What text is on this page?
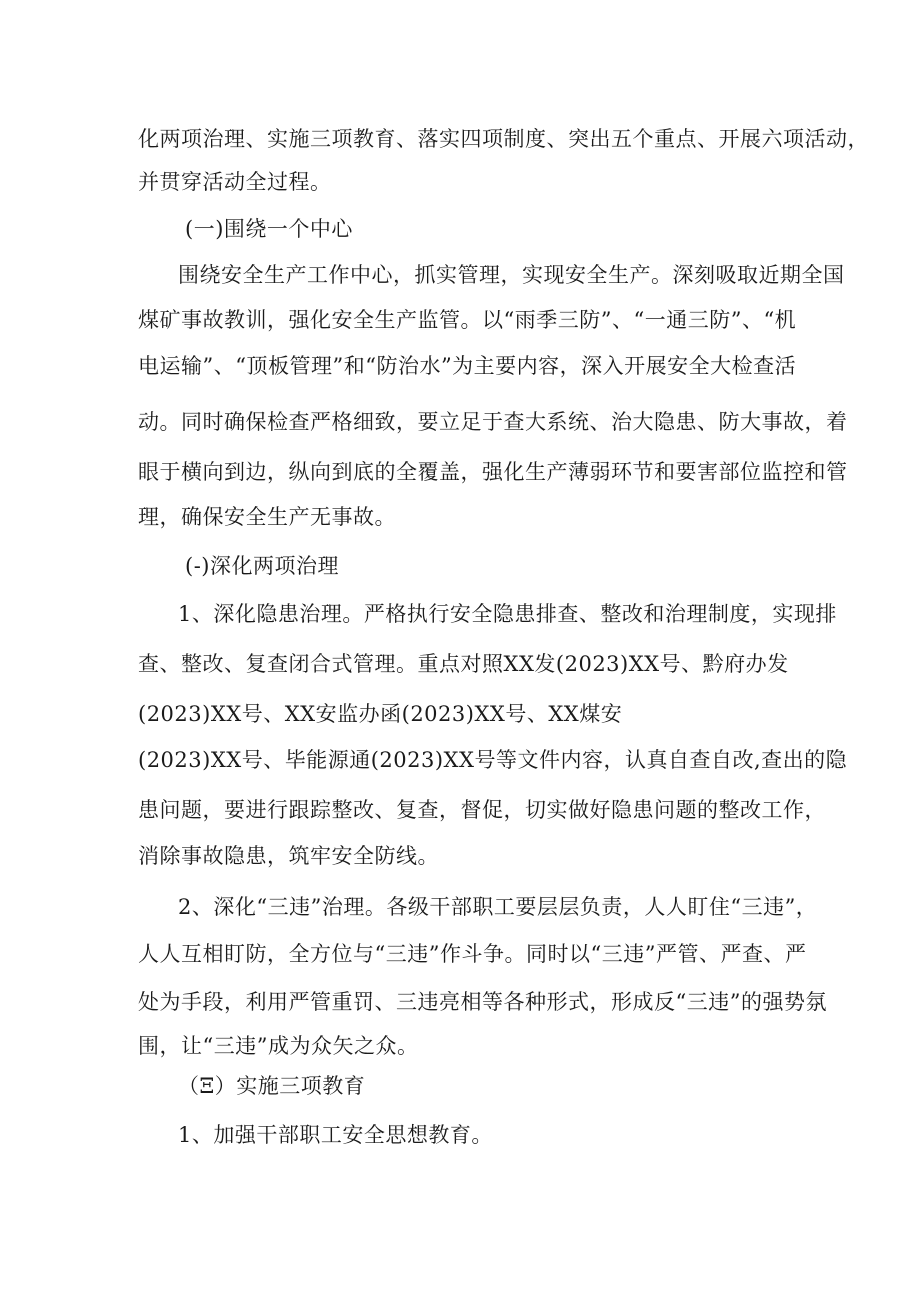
化两项治理、实施三项教育、落实四项制度、突出五个重点、开展六项活动，
并贯穿活动全过程。
(一)围绕一个中心
围绕安全生产工作中心，抓实管理，实现安全生产。深刻吸取近期全国
煤矿事故教训，强化安全生产监管。以“雨季三防”、“一通三防”、“机
电运输”、“顶板管理”和“防治水”为主要内容，深入开展安全大检查活
动。同时确保检查严格细致，要立足于查大系统、治大隐患、防大事故，着
眼于横向到边，纵向到底的全覆盖，强化生产薄弱环节和要害部位监控和管
理，确保安全生产无事故。
(-)深化两项治理
1、深化隐患治理。严格执行安全隐患排查、整改和治理制度，实现排
查、整改、复查闭合式管理。重点对照XX发(2023)XX号、黔府办发
(2023)XX号、XX安监办函(2023)XX号、XX煤安
(2023)XX号、毕能源通(2023)XX号等文件内容，认真自查自改,查出的隐
患问题，要进行跟踪整改、复查，督促，切实做好隐患问题的整改工作，
消除事故隐患，筑牢安全防线。
2、深化“三违”治理。各级干部职工要层层负责，人人盯住“三违”，
人人互相盯防，全方位与“三违”作斗争。同时以“三违”严管、严查、严
处为手段，利用严管重罚、三违亮相等各种形式，形成反“三违”的强势氛
围，让“三违”成为众矢之众。
（Ξ）实施三项教育
1、加强干部职工安全思想教育。
